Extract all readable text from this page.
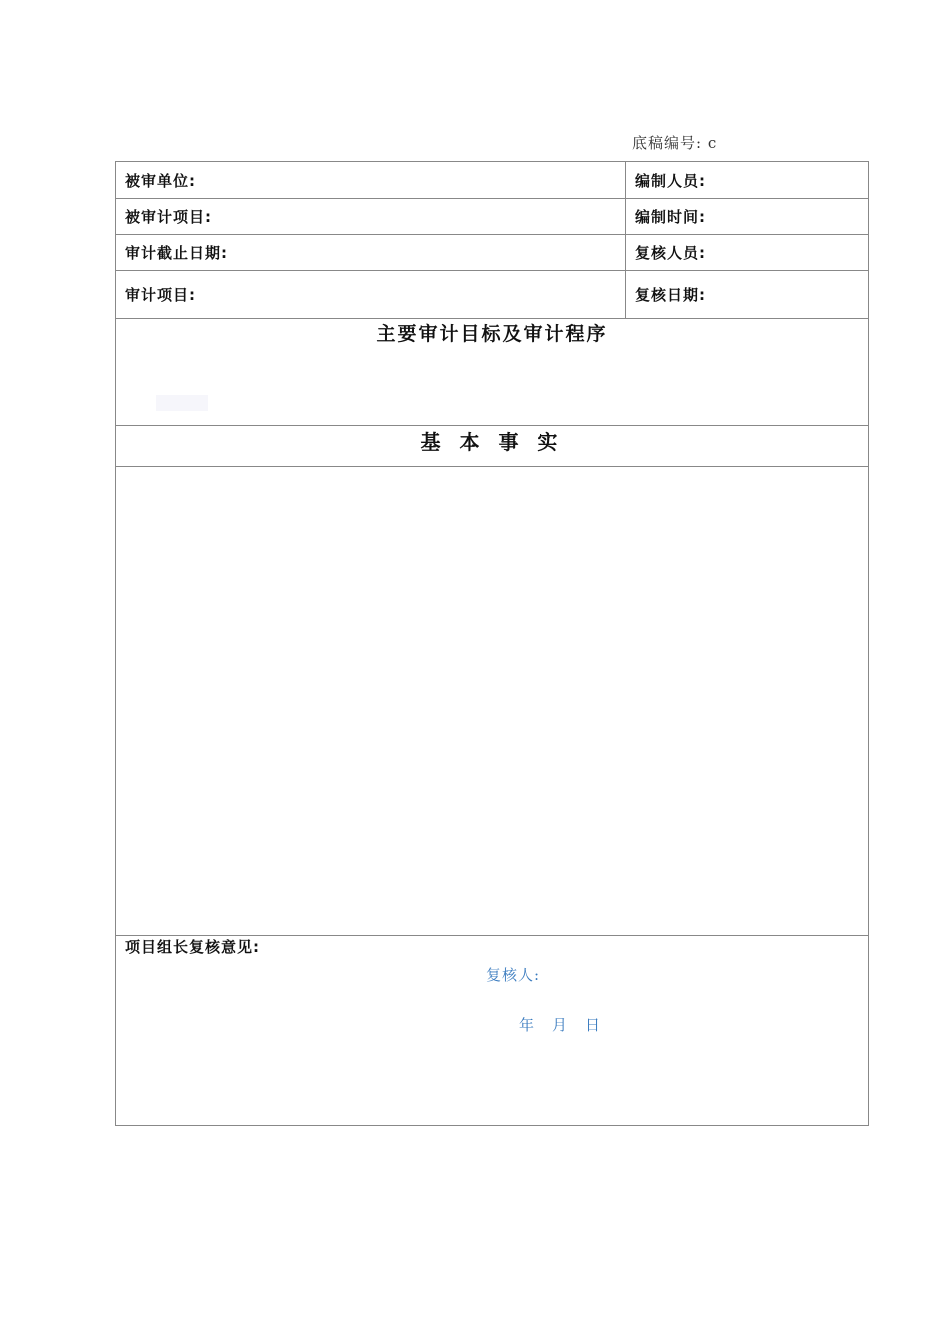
底稿编号: c
被审单位:	编制人员:
被审计项目:	编制时间:
审计截止日期:	复核人员:
审计项目:	复核日期:
主要审计目标及审计程序
基 本 事 实
项目组长复核意见:
复核人:
年 月 日
